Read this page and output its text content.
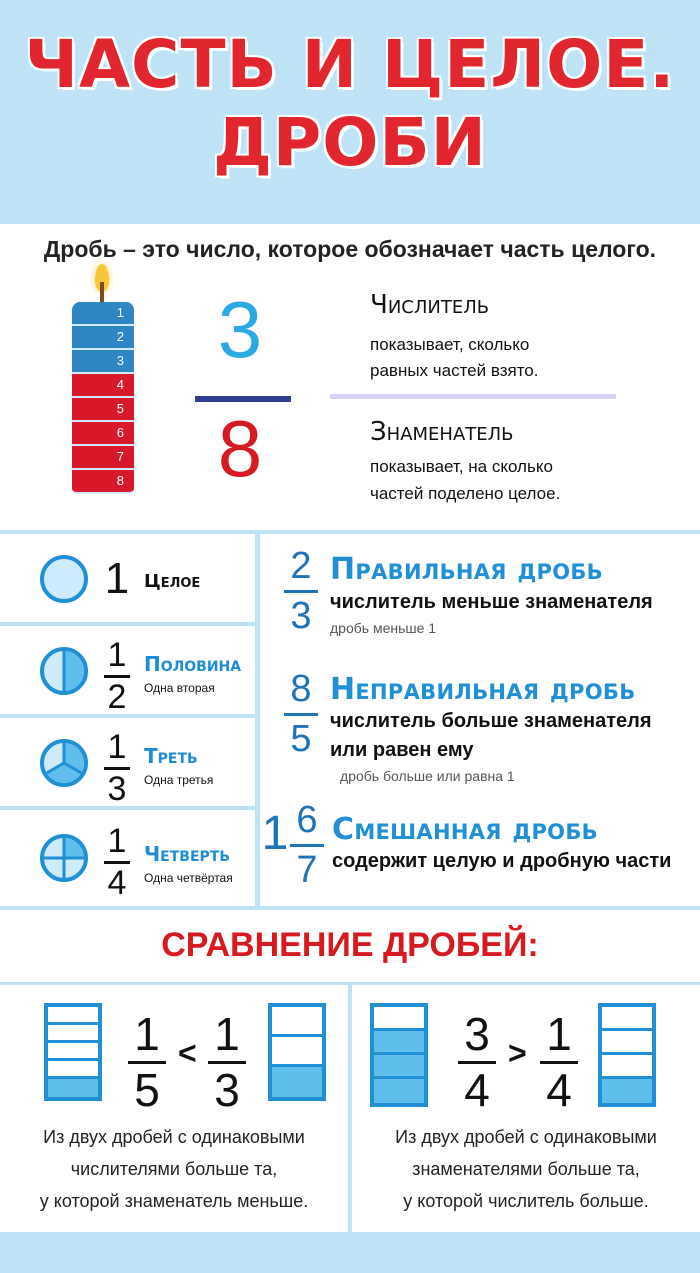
ЧАСТЬ И ЦЕЛОЕ.
ДРОБИ
Дробь – это число, которое обозначает часть целого.
1
2
3
4
5
6
7
8
3
8
Числитель
показывает, сколько
равных частей взято.
Знаменатель
показывает, на сколько
частей поделено целое.
1 Целое
1
2
Половина
Одна вторая
1
3
Треть
Одна третья
1
4
Четверть
Одна четвёртая
2
3
Правильная дробь
числитель меньше знаменателя
дробь меньше 1
8
5
Неправильная дробь
числитель больше знаменателя
или равен ему
дробь больше или равна 1
1 6
7
Смешанная дробь
содержит целую и дробную части
СРАВНЕНИЕ ДРОБЕЙ:
1
5
< 1
3
Из двух дробей с одинаковыми
числителями больше та,
у которой знаменатель меньше.
3
4
> 1
4
Из двух дробей с одинаковыми
знаменателями больше та,
у которой числитель больше.
